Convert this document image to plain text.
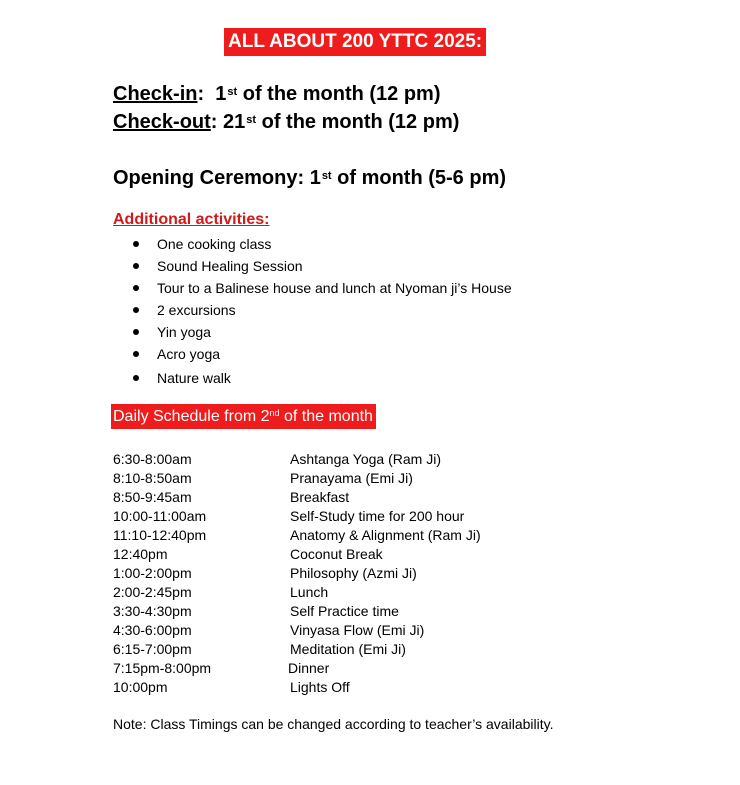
ALL ABOUT 200 YTTC 2025:
Check-in: 1st of the month (12 pm)
Check-out: 21st of the month (12 pm)
Opening Ceremony: 1st of month (5-6 pm)
Additional activities:
One cooking class
Sound Healing Session
Tour to a Balinese house and lunch at Nyoman ji’s House
2 excursions
Yin yoga
Acro yoga
Nature walk
Daily Schedule from 2nd of the month
6:30-8:00am	Ashtanga Yoga (Ram Ji)
8:10-8:50am	Pranayama (Emi Ji)
8:50-9:45am	Breakfast
10:00-11:00am	Self-Study time for 200 hour
11:10-12:40pm	Anatomy & Alignment (Ram Ji)
12:40pm	Coconut Break
1:00-2:00pm	Philosophy (Azmi Ji)
2:00-2:45pm	Lunch
3:30-4:30pm	Self Practice time
4:30-6:00pm	Vinyasa Flow (Emi Ji)
6:15-7:00pm	Meditation (Emi Ji)
7:15pm-8:00pm	Dinner
10:00pm	Lights Off
Note: Class Timings can be changed according to teacher’s availability.
